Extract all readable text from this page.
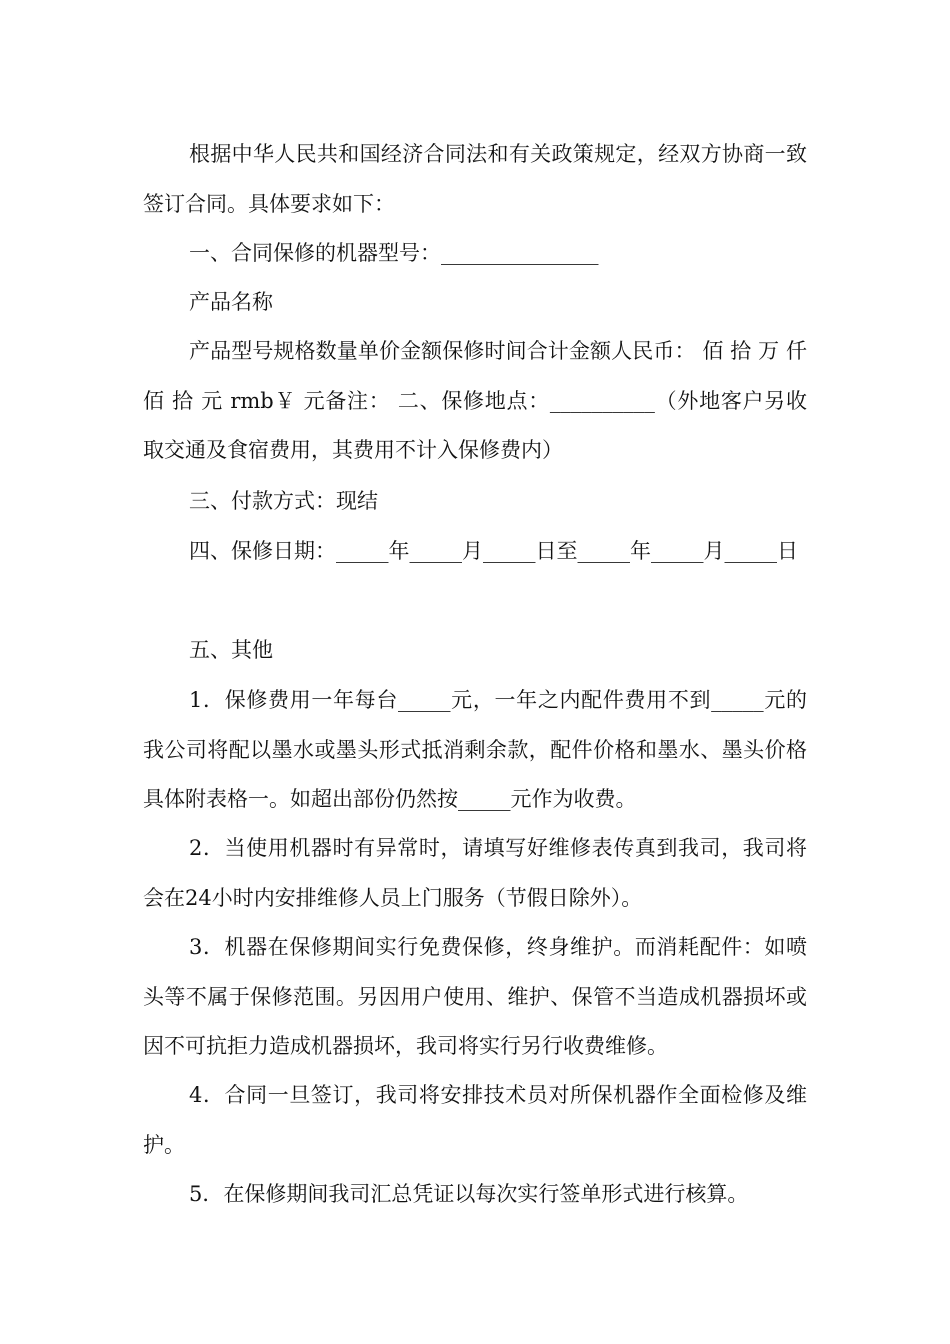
根据中华人民共和国经济合同法和有关政策规定，经双方协商一致签订合同。具体要求如下：

一、合同保修的机器型号：_______________

产品名称

产品型号规格数量单价金额保修时间合计金额人民币： 佰 拾 万 仟 佰 拾 元 rmb￥ 元备注： 二、保修地点：__________（外地客户另收取交通及食宿费用，其费用不计入保修费内）

三、付款方式：现结

四、保修日期：_____年_____月_____日至_____年_____月_____日

五、其他

1．保修费用一年每台_____元，一年之内配件费用不到_____元的我公司将配以墨水或墨头形式抵消剩余款，配件价格和墨水、墨头价格具体附表格一。如超出部份仍然按_____元作为收费。

2．当使用机器时有异常时，请填写好维修表传真到我司，我司将会在24小时内安排维修人员上门服务（节假日除外）。

3．机器在保修期间实行免费保修，终身维护。而消耗配件：如喷头等不属于保修范围。另因用户使用、维护、保管不当造成机器损坏或因不可抗拒力造成机器损坏，我司将实行另行收费维修。

4．合同一旦签订，我司将安排技术员对所保机器作全面检修及维护。

5．在保修期间我司汇总凭证以每次实行签单形式进行核算。
